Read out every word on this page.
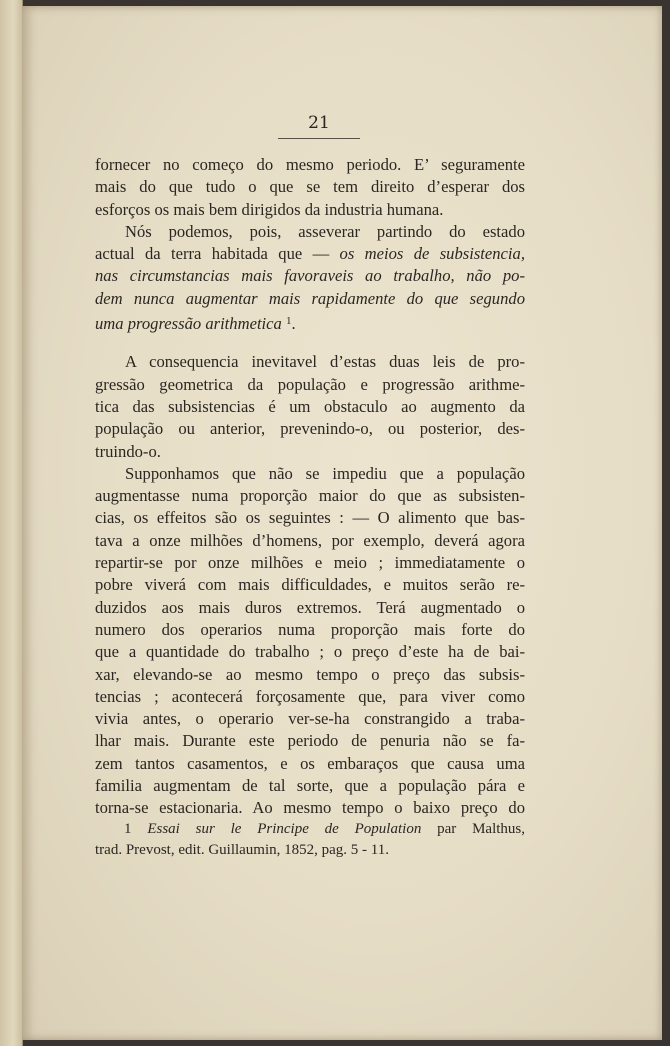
21
fornecer no começo do mesmo periodo. E’ seguramente
mais do que tudo o que se tem direito d’esperar dos
esforços os mais bem dirigidos da industria humana.
Nós podemos, pois, asseverar partindo do estado
actual da terra habitada que — os meios de subsistencia,
nas circumstancias mais favoraveis ao trabalho, não po-
dem nunca augmentar mais rapidamente do que segundo
uma progressão arithmetica $^1$.
A consequencia inevitavel d’estas duas leis de pro-
gressão geometrica da população e progressão arithme-
tica das subsistencias é um obstaculo ao augmento da
população ou anterior, prevenindo-o, ou posterior, des-
truindo-o.
Supponhamos que não se impediu que a população
augmentasse numa proporção maior do que as subsisten-
cias, os effeitos são os seguintes : — O alimento que bas-
tava a onze milhões d’homens, por exemplo, deverá agora
repartir-se por onze milhões e meio ; immediatamente o
pobre viverá com mais difficuldades, e muitos serão re-
duzidos aos mais duros extremos. Terá augmentado o
numero dos operarios numa proporção mais forte do
que a quantidade do trabalho ; o preço d’este ha de bai-
xar, elevando-se ao mesmo tempo o preço das subsis-
tencias ; acontecerá forçosamente que, para viver como
vivia antes, o operario ver-se-ha constrangido a traba-
lhar mais. Durante este periodo de penuria não se fa-
zem tantos casamentos, e os embaraços que causa uma
familia augmentam de tal sorte, que a população pára e
torna-se estacionaria. Ao mesmo tempo o baixo preço do
1 Essai sur le Principe de Population par Malthus,
trad. Prevost, edit. Guillaumin, 1852, pag. 5 - 11.
